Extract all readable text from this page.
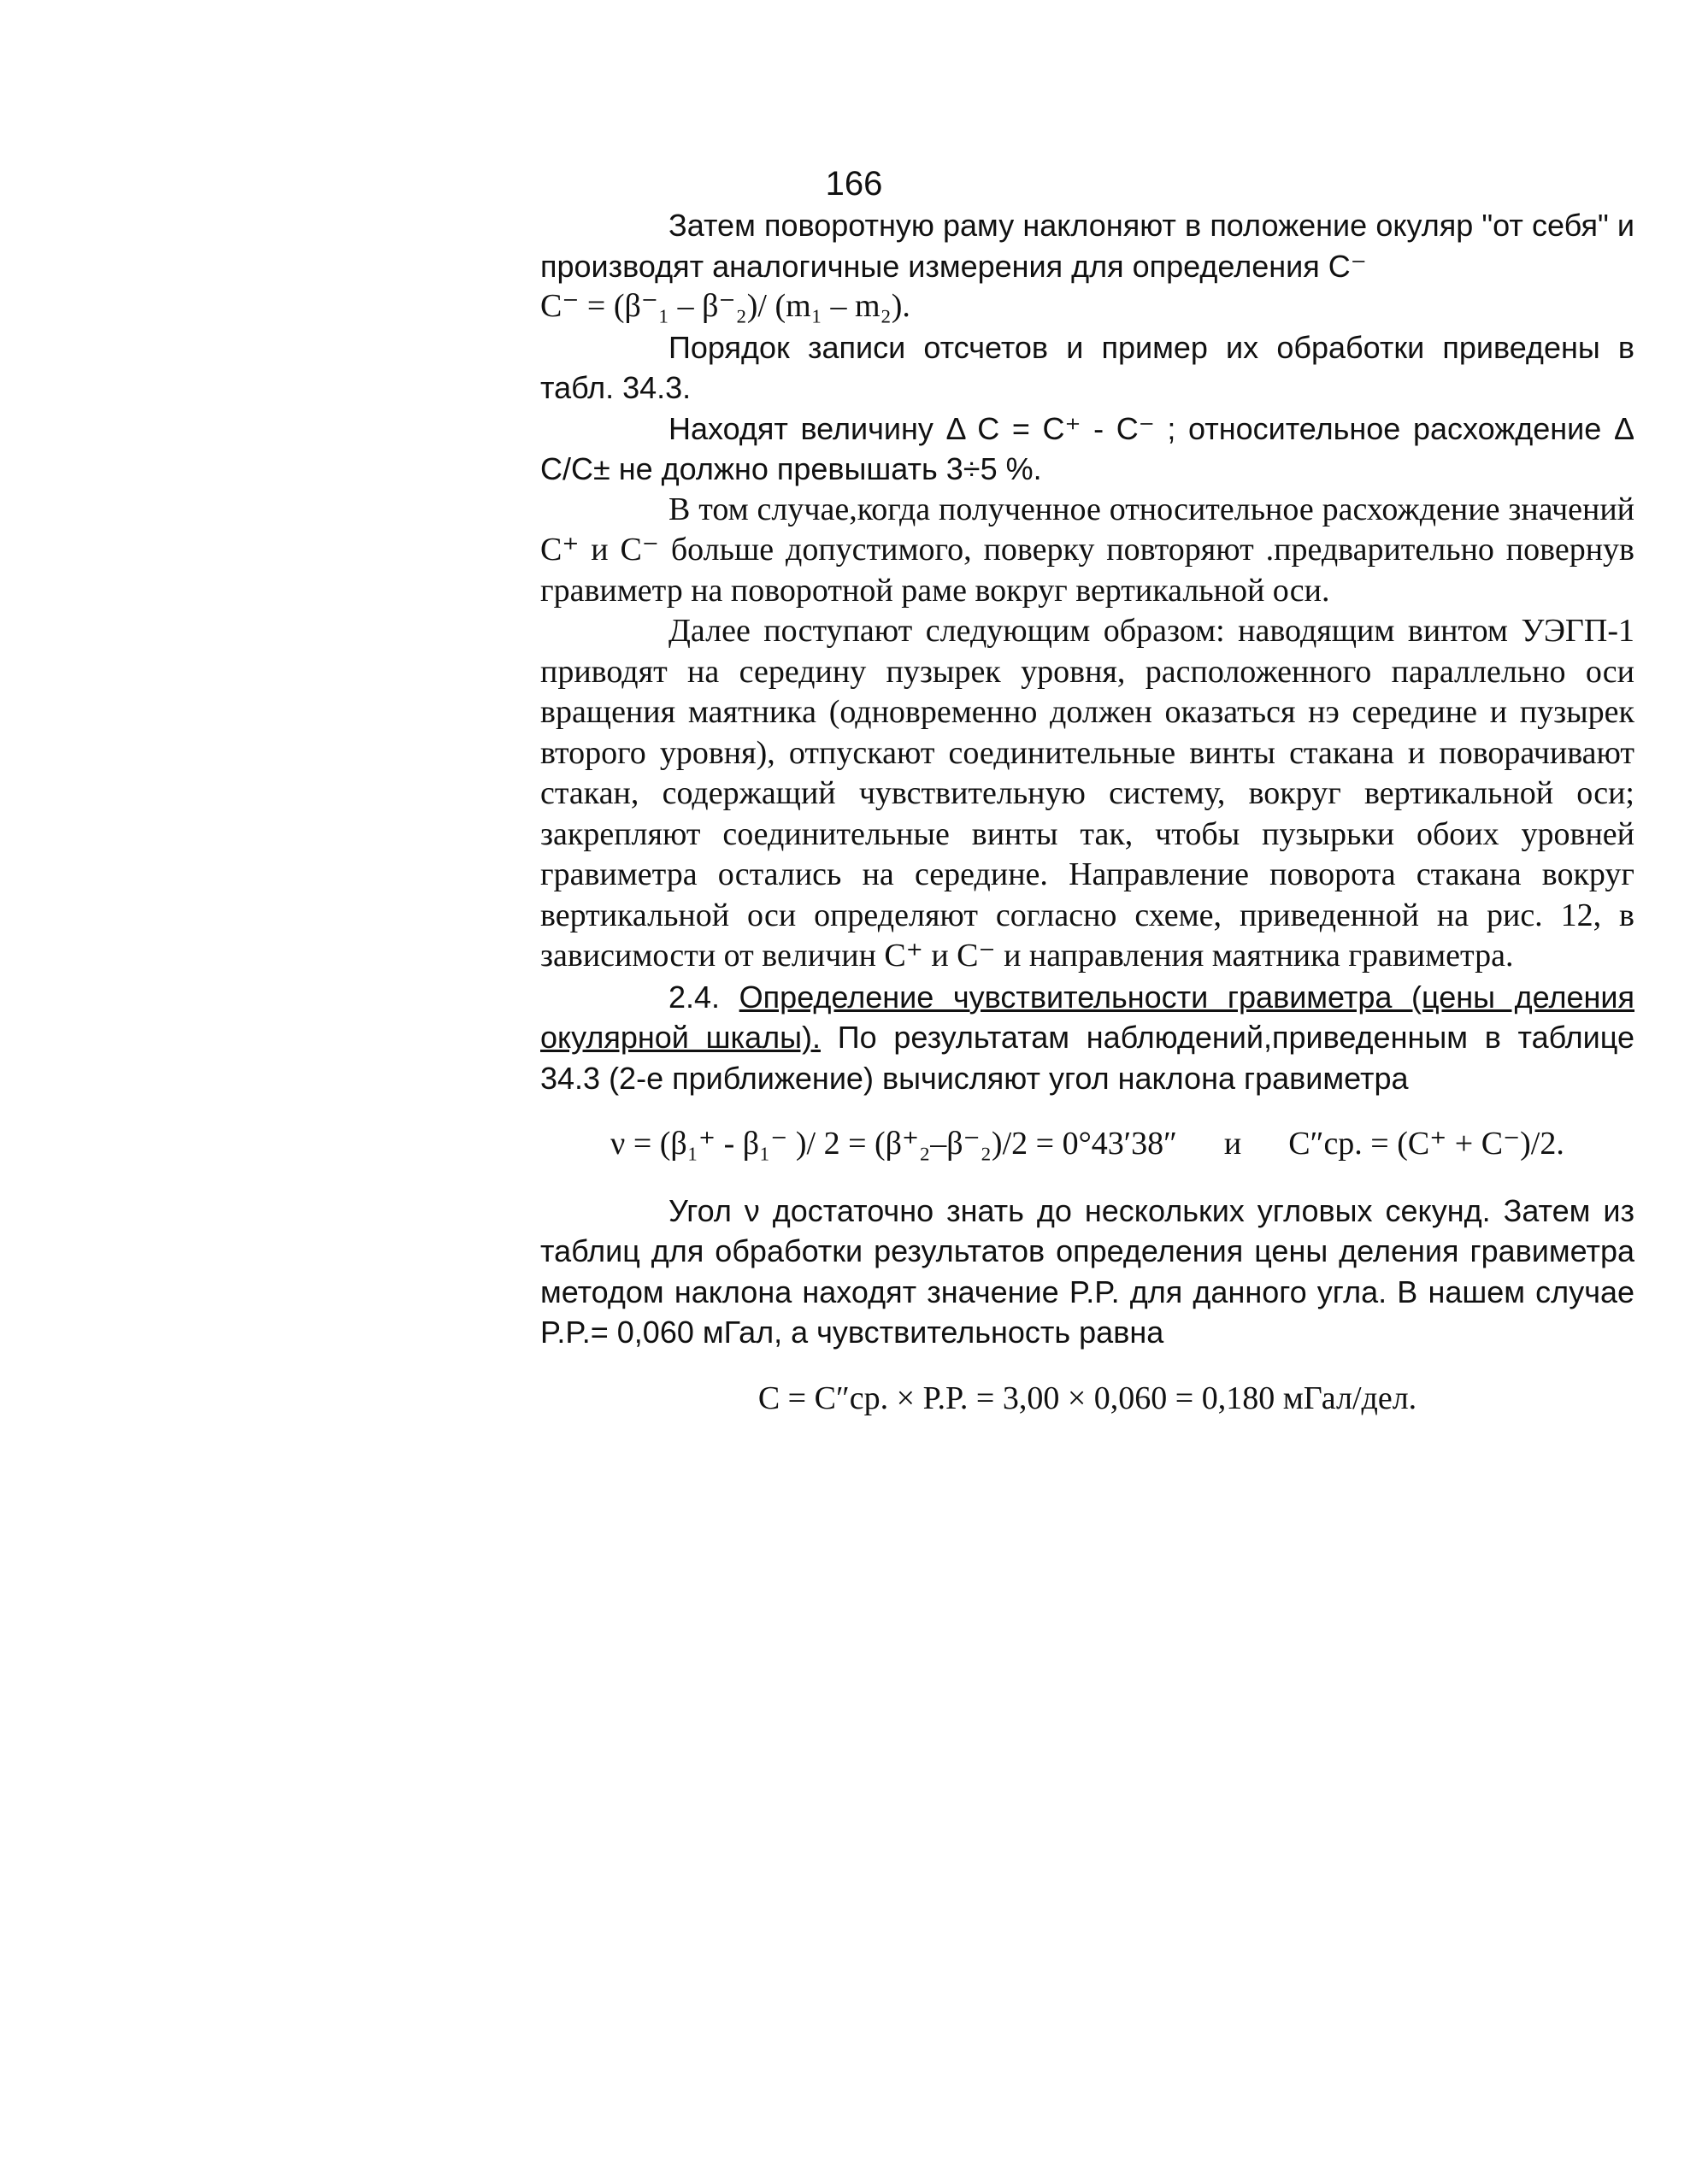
166

Затем поворотную раму наклоняют в положение окуляр "от себя" и производят аналогичные измерения для определения C⁻

C⁻ = (β⁻₁ – β⁻₂)/ (m₁ – m₂).

Порядок записи отсчетов и пример их обработки приведены в табл. 34.3.

Находят величину Δ C = C⁺ - C⁻ ; относительное расхождение Δ C/C± не должно превышать 3÷5 %.

В том случае,когда полученное относительное расхождение значений C⁺ и C⁻ больше допустимого, поверку повторяют .предварительно повернув гравиметр на поворотной раме вокруг вертикальной оси.

Далее поступают следующим образом: наводящим винтом УЭГП-1 приводят на середину пузырек уровня, расположенного параллельно оси вращения маятника (одновременно должен оказаться нэ середине и пузырек второго уровня), отпускают соединительные винты стакана и поворачивают стакан, содержащий чувствительную систему, вокруг вертикальной оси; закрепляют соединительные винты так, чтобы пузырьки обоих уровней гравиметра остались на середине. Направление поворота стакана вокруг вертикальной оси определяют согласно схеме, приведенной на рис. 12, в зависимости от величин C⁺ и C⁻ и направления маятника гравиметра.

2.4. Определение чувствительности гравиметра (цены деления окулярной шкалы). По результатам наблюдений,приведенным в таблице 34.3 (2-е приближение) вычисляют угол наклона гравиметра

ν = (β₁⁺ - β₁⁻ )/ 2 = (β⁺₂–β⁻₂)/2 = 0°43′38″ и C″ср. = (C⁺ + C⁻)/2.

Угол ν достаточно знать до нескольких угловых секунд. Затем из таблиц для обработки результатов определения цены деления гравиметра методом наклона находят значение P.P. для данного угла. В нашем случае P.P.= 0,060 мГал, а чувствительность равна

C = C″ср. × P.P. = 3,00 × 0,060 = 0,180 мГал/дел.
